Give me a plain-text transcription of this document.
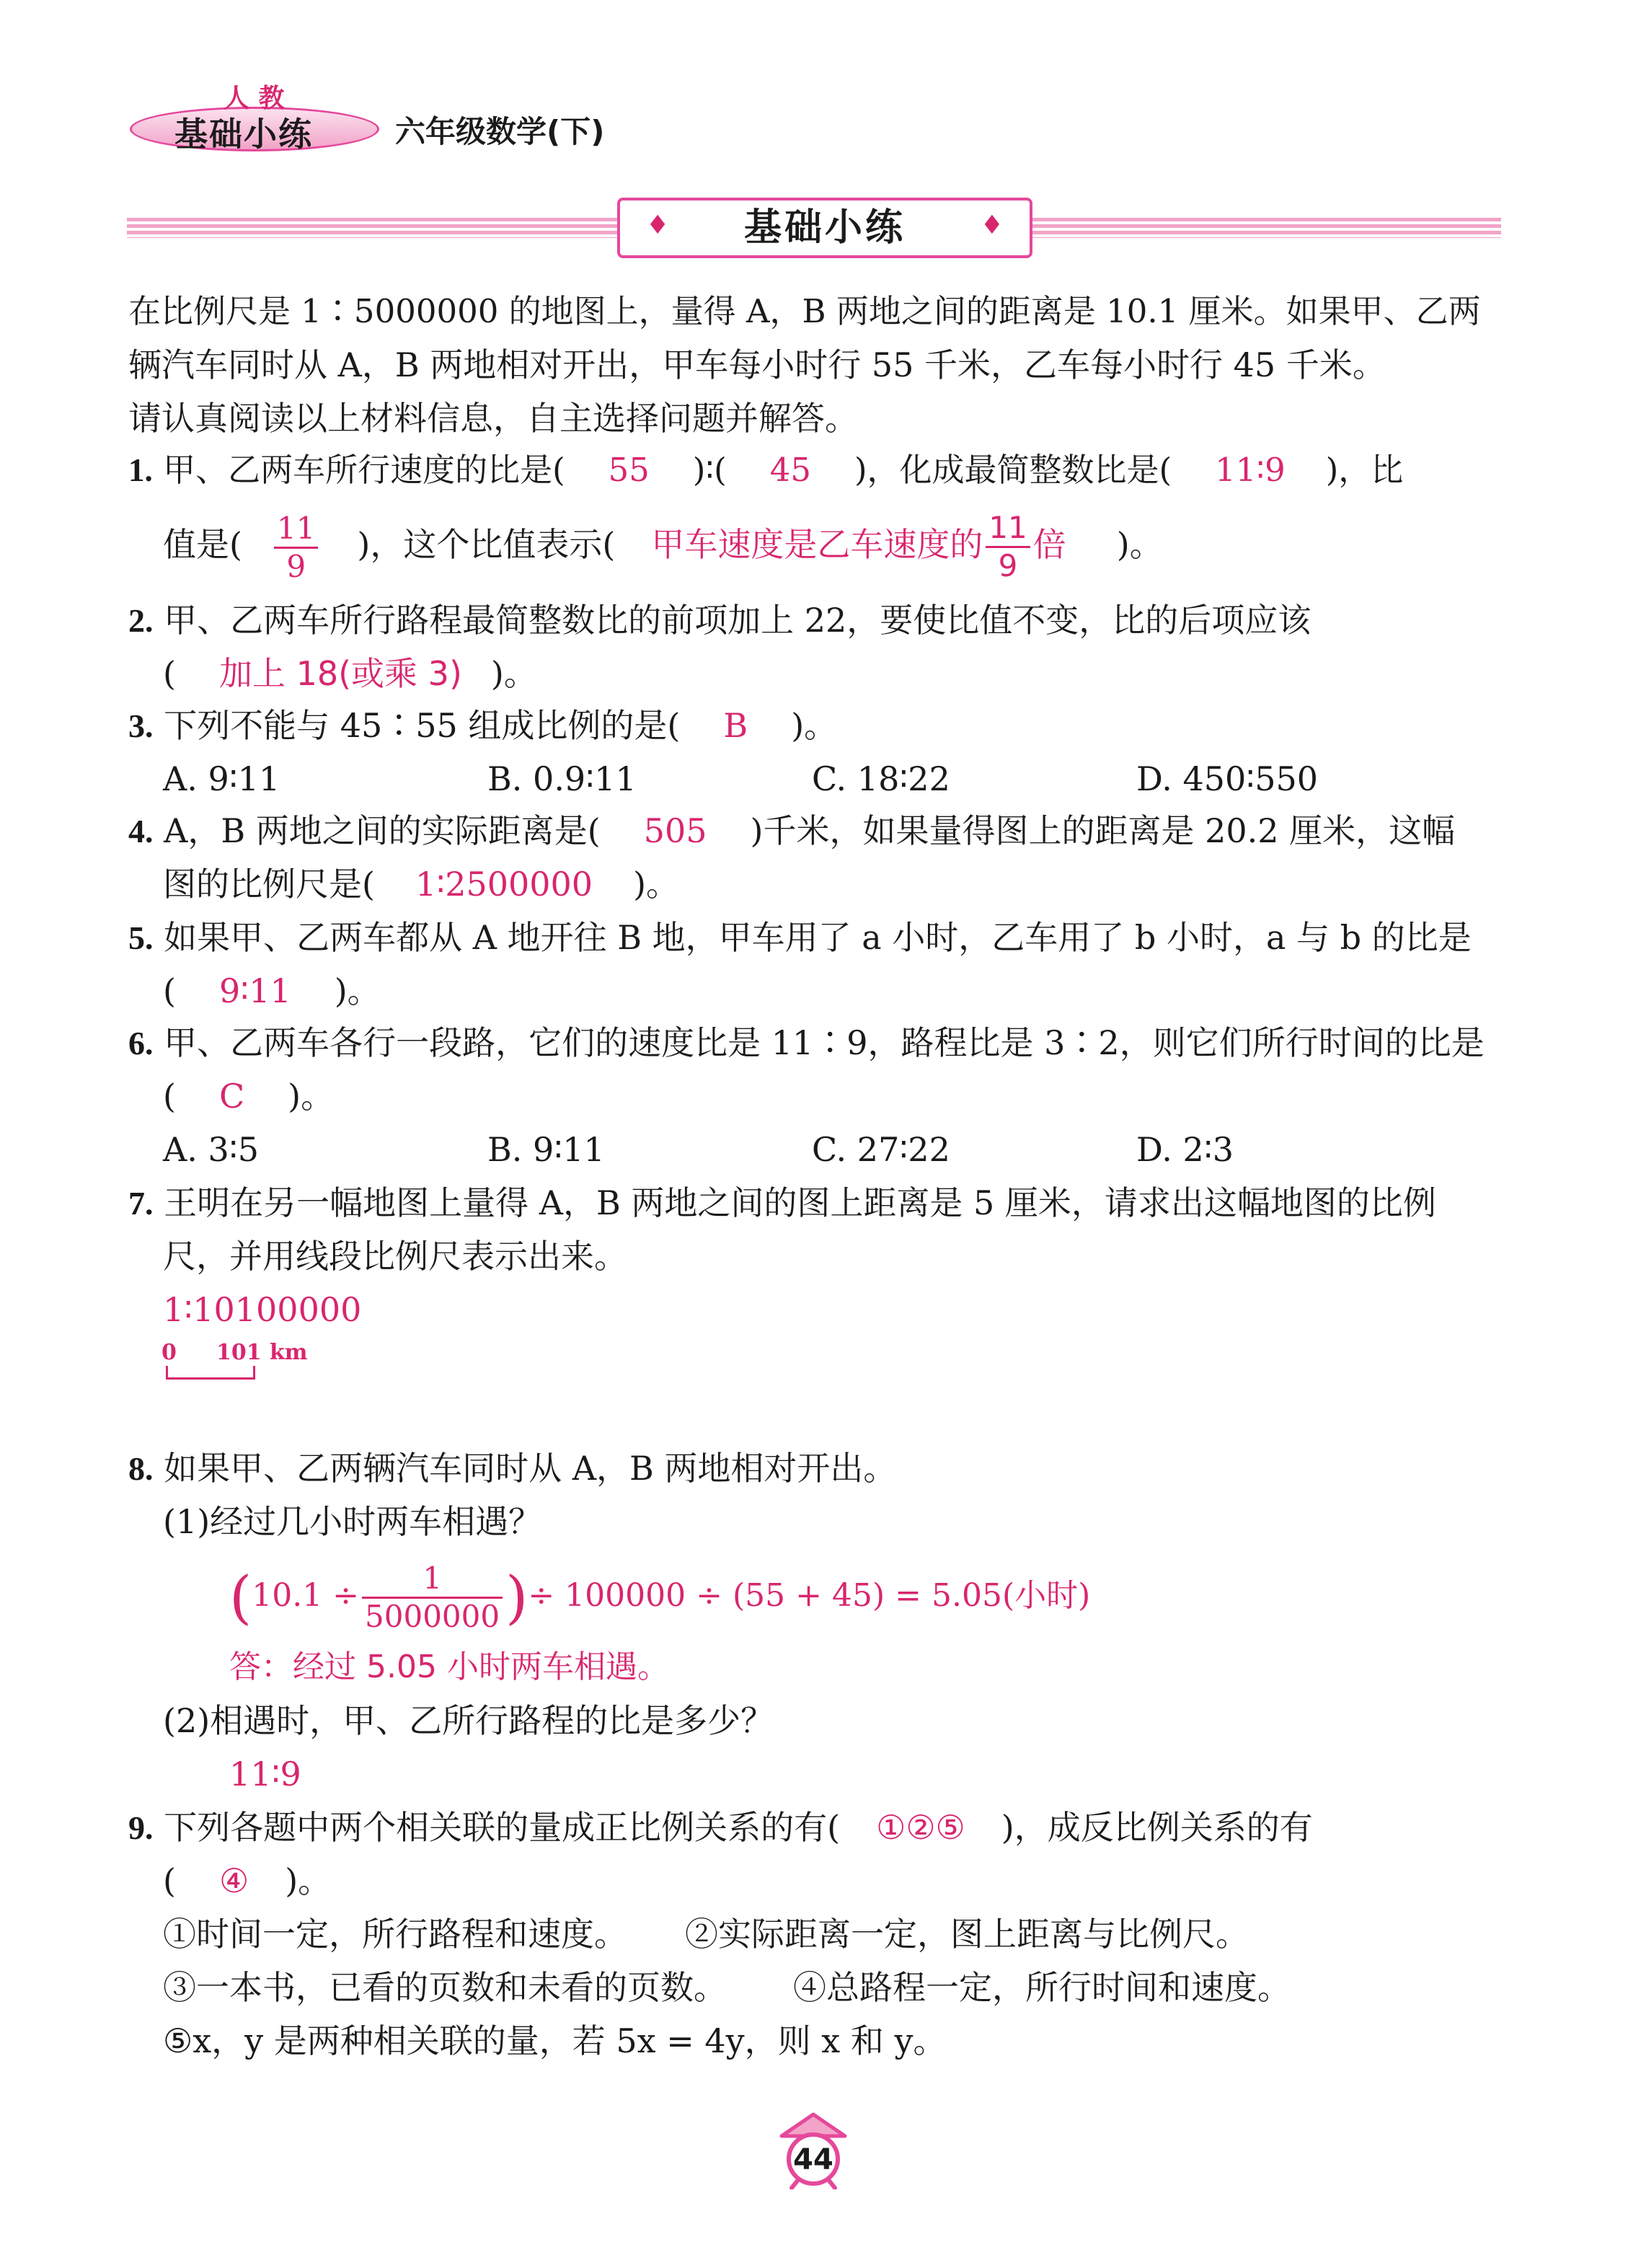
人 教
基础小练	六年级数学(下)
♦ 基础小练	♦
在比例尺是 1∶5000000 的地图上，量得 A，B 两地之间的距离是 10.1 厘米。如果甲、乙两
辆汽车同时从 A，B 两地相对开出，甲车每小时行 55 千米，乙车每小时行 45 千米。
请认真阅读以上材料信息，自主选择问题并解答。
1. 甲、乙两车所行速度的比是( 55 )∶( 45 )，化成最简整数比是( 11∶9 )，比
值是( $\frac{11}{9}$ )，这个比值表示( 甲车速度是乙车速度的 $\frac{11}{9}$ 倍 )。
2. 甲、乙两车所行路程最简整数比的前项加上 22，要使比值不变，比的后项应该
( 加上 18(或乘 3) )。
3. 下列不能与 45∶55 组成比例的是( B )。
A. 9∶11	B. 0.9∶11	C. 18∶22	D. 450∶550
4. A，B 两地之间的实际距离是( 505 )千米，如果量得图上的距离是 20.2 厘米，这幅
图的比例尺是( 1∶2500000 )。
5. 如果甲、乙两车都从 A 地开往 B 地，甲车用了 a 小时，乙车用了 b 小时，a 与 b 的比是
( 9∶11 )。
6. 甲、乙两车各行一段路，它们的速度比是 11∶9，路程比是 3∶2，则它们所行时间的比是
( C )。
A. 3∶5	B. 9∶11	C. 27∶22	D. 2∶3
7. 王明在另一幅地图上量得 A，B 两地之间的图上距离是 5 厘米，请求出这幅地图的比例
尺，并用线段比例尺表示出来。
1∶10100000
0 101 km
8. 如果甲、乙两辆汽车同时从 A，B 两地相对开出。
(1)经过几小时两车相遇？
($10.1 \div \frac{1}{5000000}$ )÷ 100000 ÷ (55 + 45) = 5.05(小时)
答：经过 5.05 小时两车相遇。
(2)相遇时，甲、乙所行路程的比是多少？
11∶9
9. 下列各题中两个相关联的量成正比例关系的有( ①②⑤ )，成反比例关系的有
( ④ )。
①时间一定，所行路程和速度。 ②实际距离一定，图上距离与比例尺。
③一本书，已看的页数和未看的页数。 ④总路程一定，所行时间和速度。
⑤x，y 是两种相关联的量，若 5x = 4y，则 x 和 y。
44
